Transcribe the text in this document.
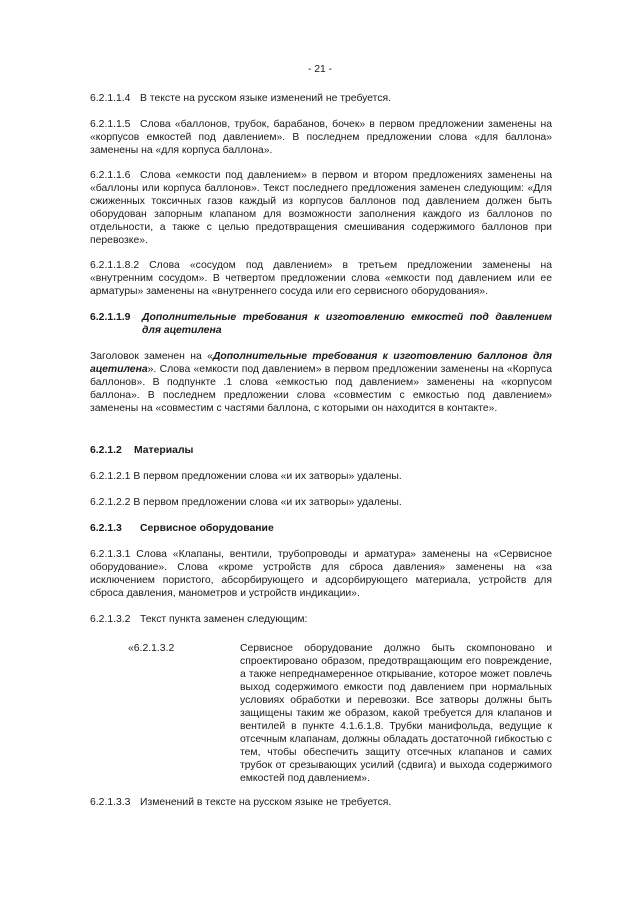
- 21 -

6.2.1.1.4 В тексте на русском языке изменений не требуется.

6.2.1.1.5 Слова «баллонов, трубок, барабанов, бочек» в первом предложении заменены на «корпусов емкостей под давлением». В последнем предложении слова «для баллона» заменены на «для корпуса баллона».

6.2.1.1.6 Слова «емкости под давлением» в первом и втором предложениях заменены на «баллоны или корпуса баллонов». Текст последнего предложения заменен следующим: «Для сжиженных токсичных газов каждый из корпусов баллонов под давлением должен быть оборудован запорным клапаном для возможности заполнения каждого из баллонов по отдельности, а также с целью предотвращения смешивания содержимого баллонов при перевозке».

6.2.1.1.8.2 Слова «сосудом под давлением» в третьем предложении заменены на «внутренним сосудом». В четвертом предложении слова «емкости под давлением или ее арматуры» заменены на «внутреннего сосуда или его сервисного оборудования».

6.2.1.1.9	Дополнительные требования к изготовлению емкостей под давлением для ацетилена

Заголовок заменен на «Дополнительные требования к изготовлению баллонов для ацетилена». Слова «емкости под давлением» в первом предложении заменены на «Корпуса баллонов». В подпункте .1 слова «емкостью под давлением» заменены на «корпусом баллона». В последнем предложении слова «совместим с емкостью под давлением» заменены на «совместим с частями баллона, с которыми он находится в контакте».

6.2.1.2 Материалы

6.2.1.2.1 В первом предложении слова «и их затворы» удалены.

6.2.1.2.2 В первом предложении слова «и их затворы» удалены.

6.2.1.3 Сервисное оборудование

6.2.1.3.1 Слова «Клапаны, вентили, трубопроводы и арматура» заменены на «Сервисное оборудование». Слова «кроме устройств для сброса давления» заменены на «за исключением пористого, абсорбирующего и адсорбирующего материала, устройств для сброса давления, манометров и устройств индикации».

6.2.1.3.2 Текст пункта заменен следующим:

«6.2.1.3.2	Сервисное оборудование должно быть скомпоновано и спроектировано образом, предотвращающим его повреждение, а также непреднамеренное открывание, которое может повлечь выход содержимого емкости под давлением при нормальных условиях обработки и перевозки. Все затворы должны быть защищены таким же образом, какой требуется для клапанов и вентилей в пункте 4.1.6.1.8. Трубки манифольда, ведущие к отсечным клапанам, должны обладать достаточной гибкостью с тем, чтобы обеспечить защиту отсечных клапанов и самих трубок от срезывающих усилий (сдвига) и выхода содержимого емкостей под давлением».

6.2.1.3.3 Изменений в тексте на русском языке не требуется.
